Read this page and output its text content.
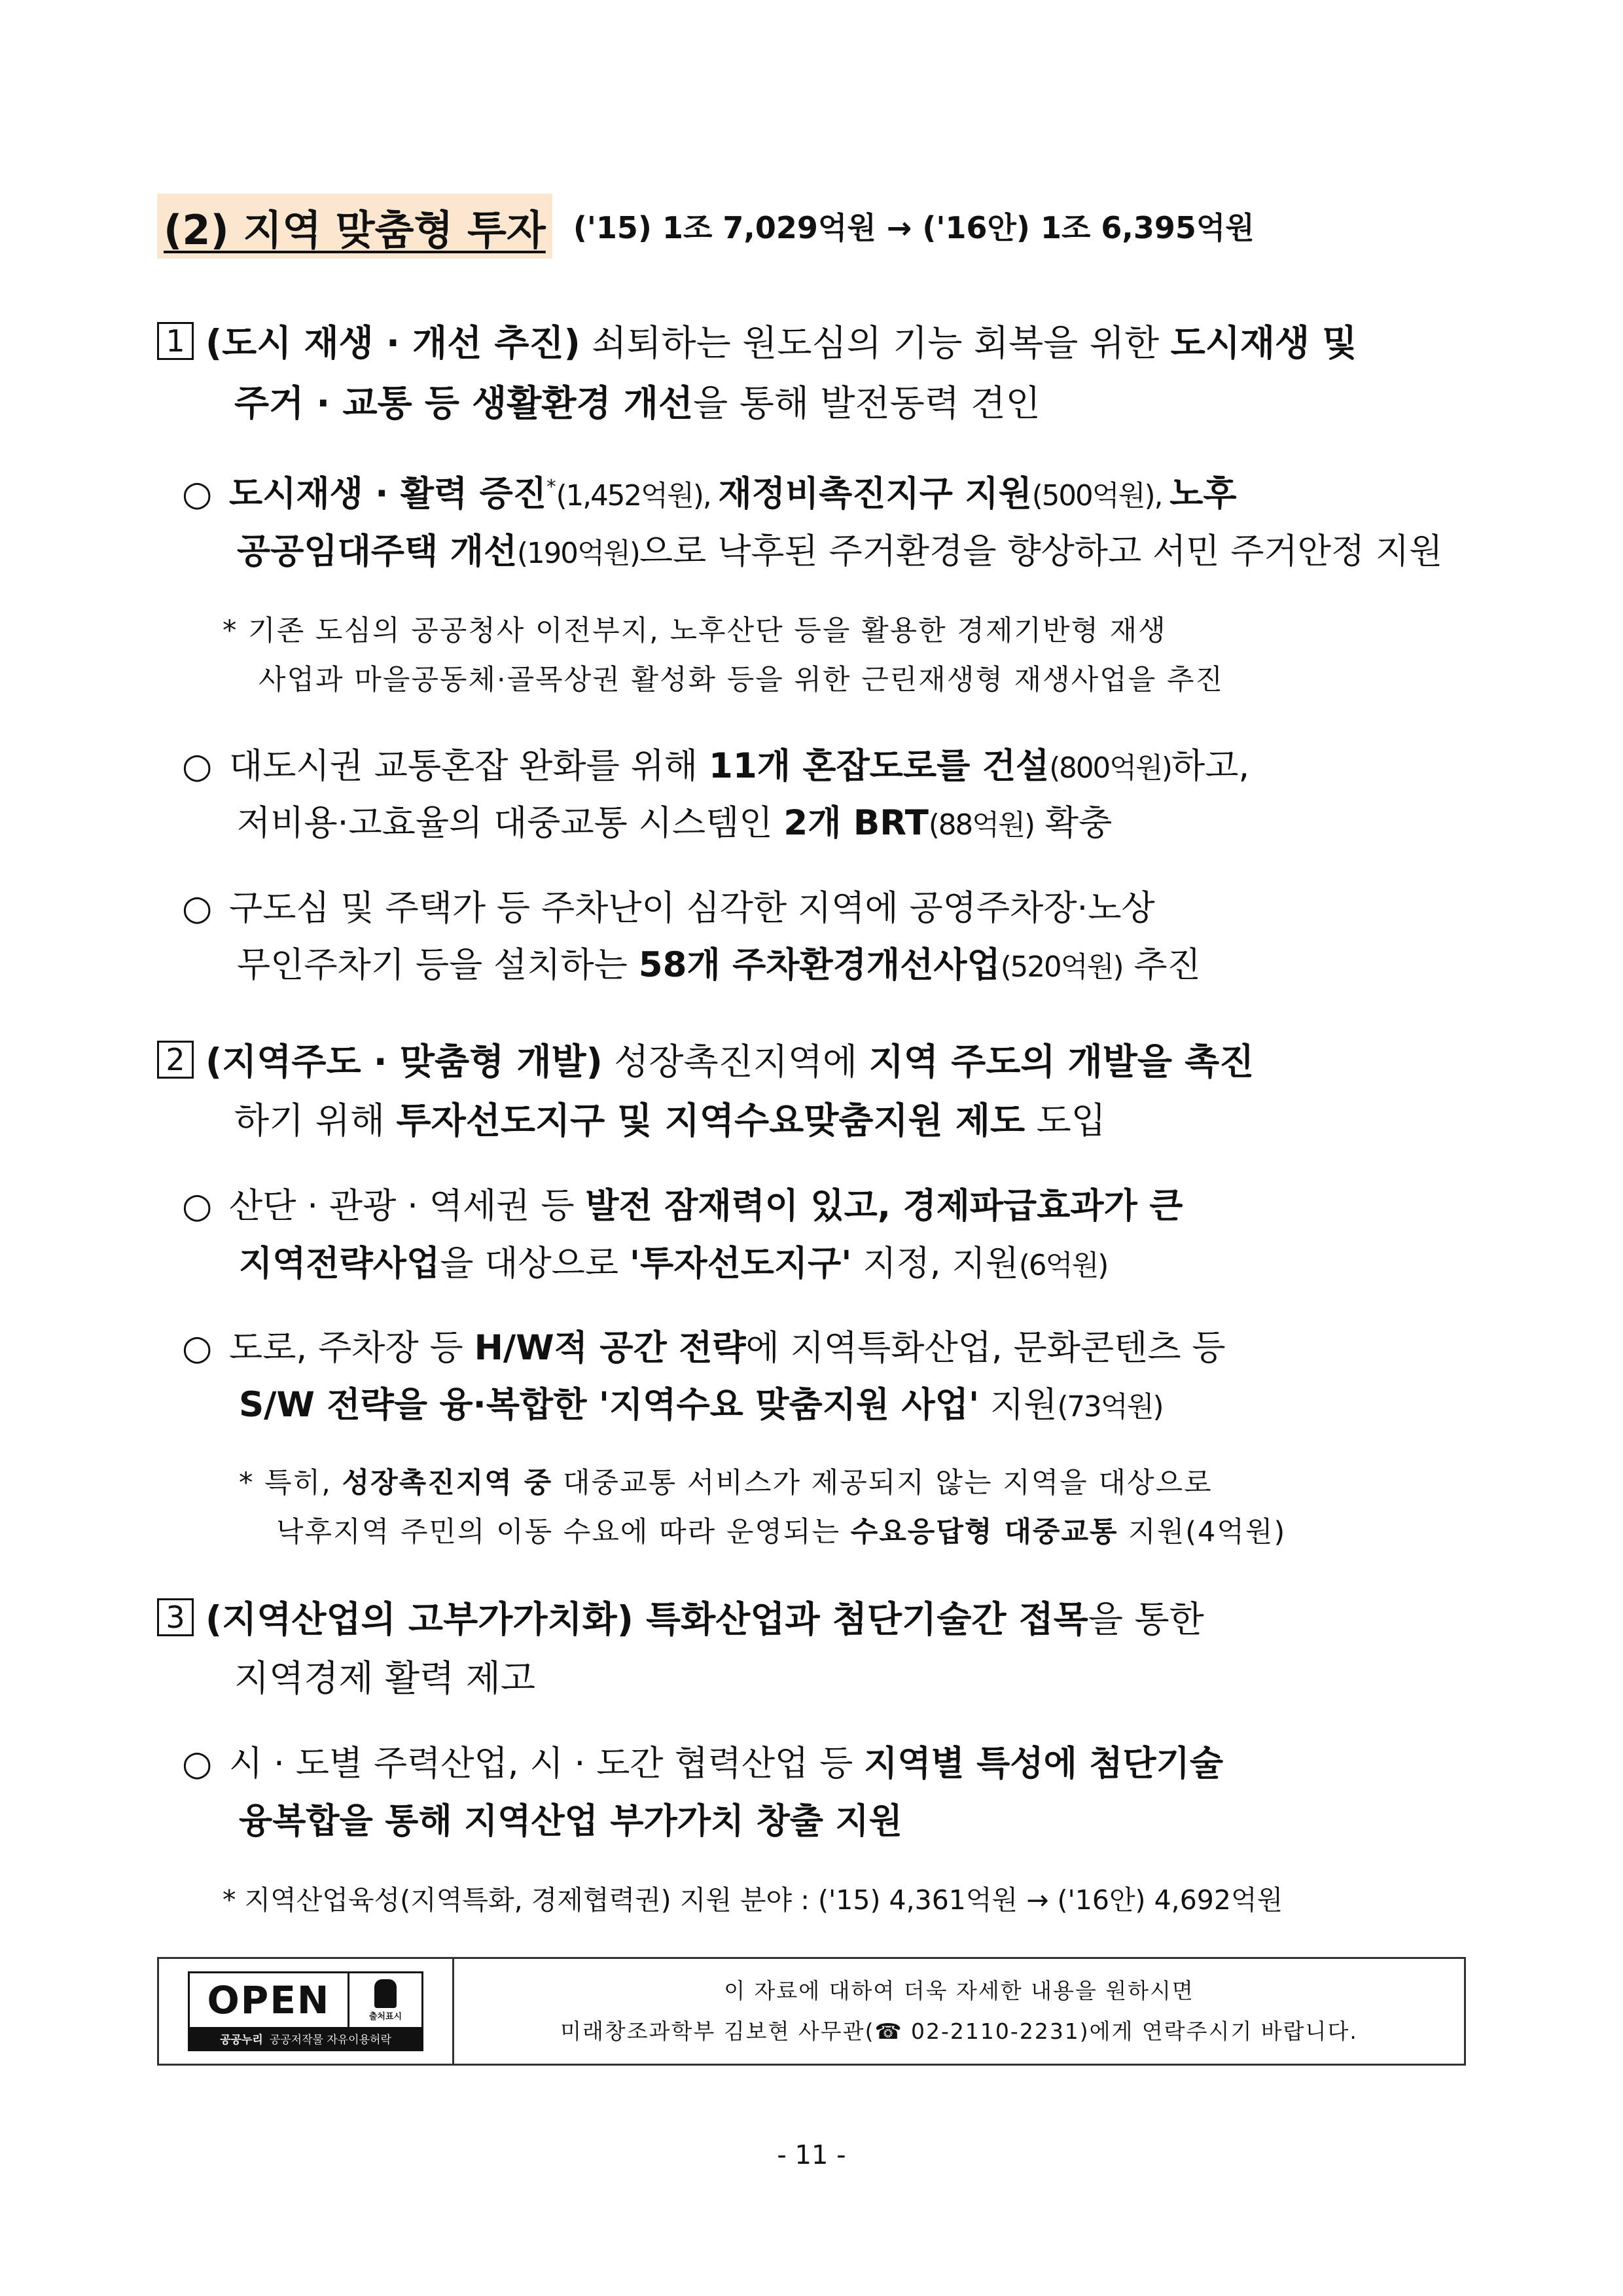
(2) 지역 맞춤형 투자 ('15) 1조 7,029억원 → ('16안) 1조 6,395억원
1 (도시 재생 · 개선 추진) 쇠퇴하는 원도심의 기능 회복을 위한 도시재생 및
주거 · 교통 등 생활환경 개선을 통해 발전동력 견인
○ 도시재생 · 활력 증진*(1,452억원), 재정비촉진지구 지원(500억원), 노후
공공임대주택 개선(190억원)으로 낙후된 주거환경을 향상하고 서민 주거안정 지원
* 기존 도심의 공공청사 이전부지, 노후산단 등을 활용한 경제기반형 재생
사업과 마을공동체·골목상권 활성화 등을 위한 근린재생형 재생사업을 추진
○ 대도시권 교통혼잡 완화를 위해 11개 혼잡도로를 건설(800억원)하고,
저비용·고효율의 대중교통 시스템인 2개 BRT(88억원) 확충
○ 구도심 및 주택가 등 주차난이 심각한 지역에 공영주차장·노상
무인주차기 등을 설치하는 58개 주차환경개선사업(520억원) 추진
2 (지역주도 · 맞춤형 개발) 성장촉진지역에 지역 주도의 개발을 촉진
하기 위해 투자선도지구 및 지역수요맞춤지원 제도 도입
○ 산단 · 관광 · 역세권 등 발전 잠재력이 있고, 경제파급효과가 큰
지역전략사업을 대상으로 '투자선도지구' 지정, 지원(6억원)
○ 도로, 주차장 등 H/W적 공간 전략에 지역특화산업, 문화콘텐츠 등
S/W 전략을 융·복합한 '지역수요 맞춤지원 사업' 지원(73억원)
* 특히, 성장촉진지역 중 대중교통 서비스가 제공되지 않는 지역을 대상으로
낙후지역 주민의 이동 수요에 따라 운영되는 수요응답형 대중교통 지원(4억원)
3 (지역산업의 고부가가치화) 특화산업과 첨단기술간 접목을 통한
지역경제 활력 제고
○ 시 · 도별 주력산업, 시 · 도간 협력산업 등 지역별 특성에 첨단기술
융복합을 통해 지역산업 부가가치 창출 지원
* 지역산업육성(지역특화, 경제협력권) 지원 분야 : ('15) 4,361억원 → ('16안) 4,692억원
OPEN	출처표시
공공누리 공공저작물 자유이용허락
이 자료에 대하여 더욱 자세한 내용을 원하시면
미래창조과학부 김보현 사무관(☎ 02-2110-2231)에게 연락주시기 바랍니다.
- 11 -
